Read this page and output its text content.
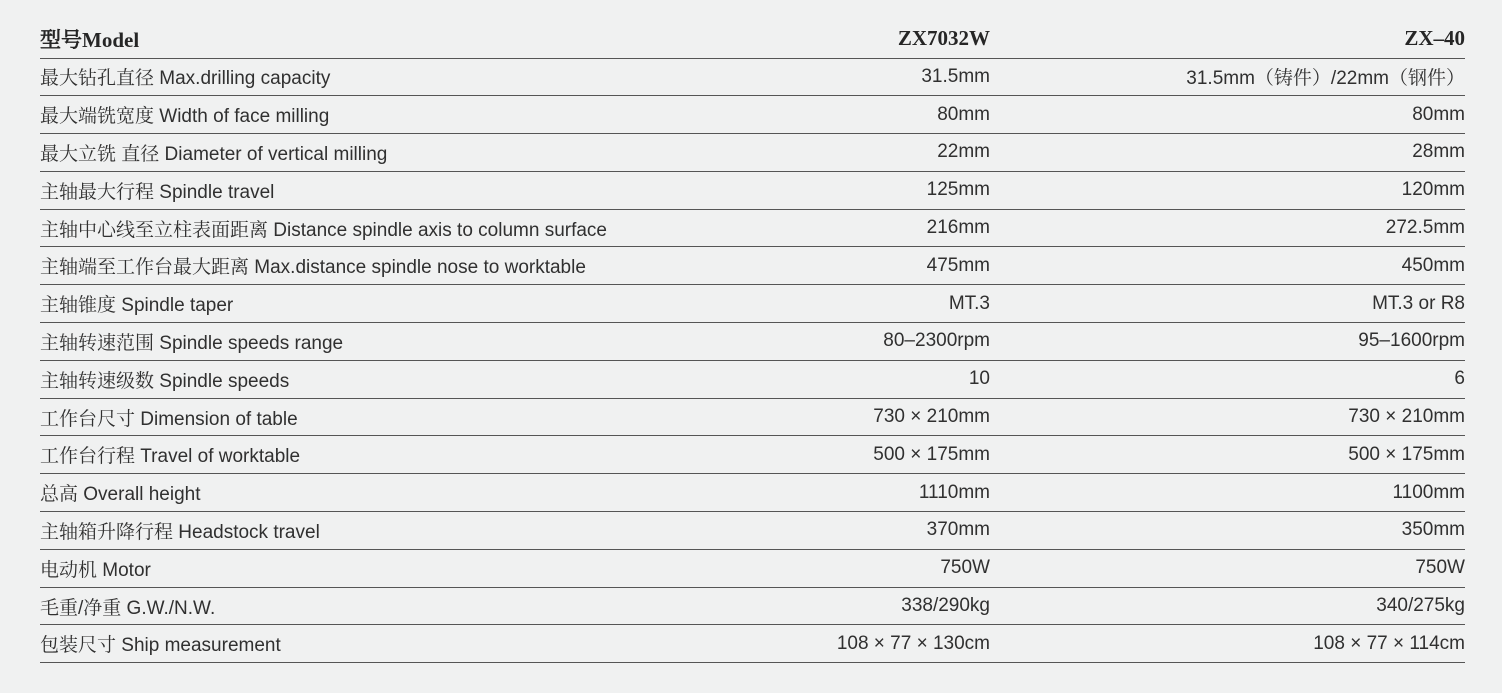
型号Model	ZX7032W	ZX–40
最大钻孔直径 Max.drilling capacity	31.5mm	31.5mm（铸件）/22mm（钢件）
最大端铣宽度 Width of face milling	80mm	80mm
最大立铣 直径 Diameter of vertical milling	22mm	28mm
主轴最大行程 Spindle travel	125mm	120mm
主轴中心线至立柱表面距离 Distance spindle axis to column surface	216mm	272.5mm
主轴端至工作台最大距离 Max.distance spindle nose to worktable	475mm	450mm
主轴锥度 Spindle taper	MT.3	MT.3 or R8
主轴转速范围 Spindle speeds range	80–2300rpm	95–1600rpm
主轴转速级数 Spindle speeds	10	6
工作台尺寸 Dimension of table	730 × 210mm	730 × 210mm
工作台行程 Travel of worktable	500 × 175mm	500 × 175mm
总高 Overall height	1110mm	1100mm
主轴箱升降行程 Headstock travel	370mm	350mm
电动机 Motor	750W	750W
毛重/净重 G.W./N.W.	338/290kg	340/275kg
包装尺寸 Ship measurement	108 × 77 × 130cm	108 × 77 × 114cm
